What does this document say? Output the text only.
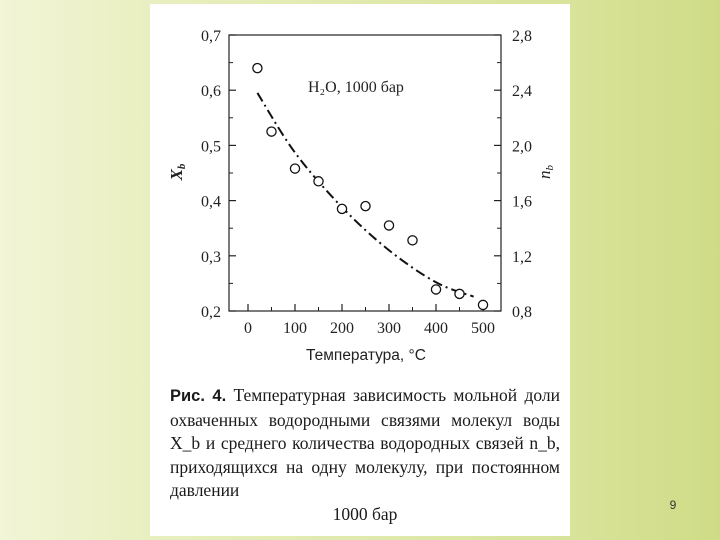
0,2
0,3
0,4
0,5
0,6
0,7
0,8
1,2
1,6
2,0
2,4
2,8
0 100 200 300 400 500
H₂O, 1000 бар
Температура, °С
Xb
nb
Рис. 4. Температурная зависимость мольной доли охваченных водородными связями молекул воды X_b и среднего количества водородных связей n_b, приходящихся на одну молекулу, при постоянном давлении
1000 бар	9
